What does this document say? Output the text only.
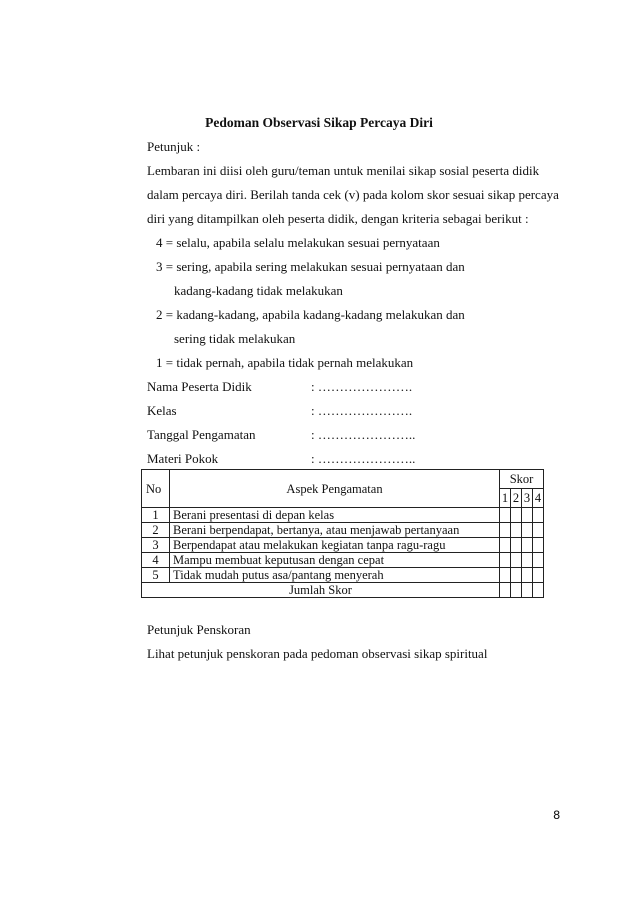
Pedoman Observasi Sikap Percaya Diri
Petunjuk :
Lembaran ini diisi oleh guru/teman untuk menilai sikap sosial peserta didik
dalam percaya diri. Berilah tanda cek (v) pada kolom skor sesuai sikap percaya
diri yang ditampilkan oleh peserta didik, dengan kriteria sebagai berikut :
4 = selalu, apabila selalu melakukan sesuai pernyataan
3 = sering, apabila sering melakukan sesuai pernyataan dan
kadang-kadang tidak melakukan
2 = kadang-kadang, apabila kadang-kadang melakukan dan
sering tidak melakukan
1 = tidak pernah, apabila tidak pernah melakukan
Nama Peserta Didik	: ………………….
Kelas	: ………………….
Tanggal Pengamatan	: …………………..
Materi Pokok	: …………………..
No	Aspek Pengamatan	Skor			
		1	2	3	4
1	Berani presentasi di depan kelas				
2	Berani berpendapat, bertanya, atau menjawab pertanyaan				
3	Berpendapat atau melakukan kegiatan tanpa ragu-ragu				
4	Mampu membuat keputusan dengan cepat				
5	Tidak mudah putus asa/pantang menyerah				
Jumlah Skor					
Petunjuk Penskoran
Lihat petunjuk penskoran pada pedoman observasi sikap spiritual
8
